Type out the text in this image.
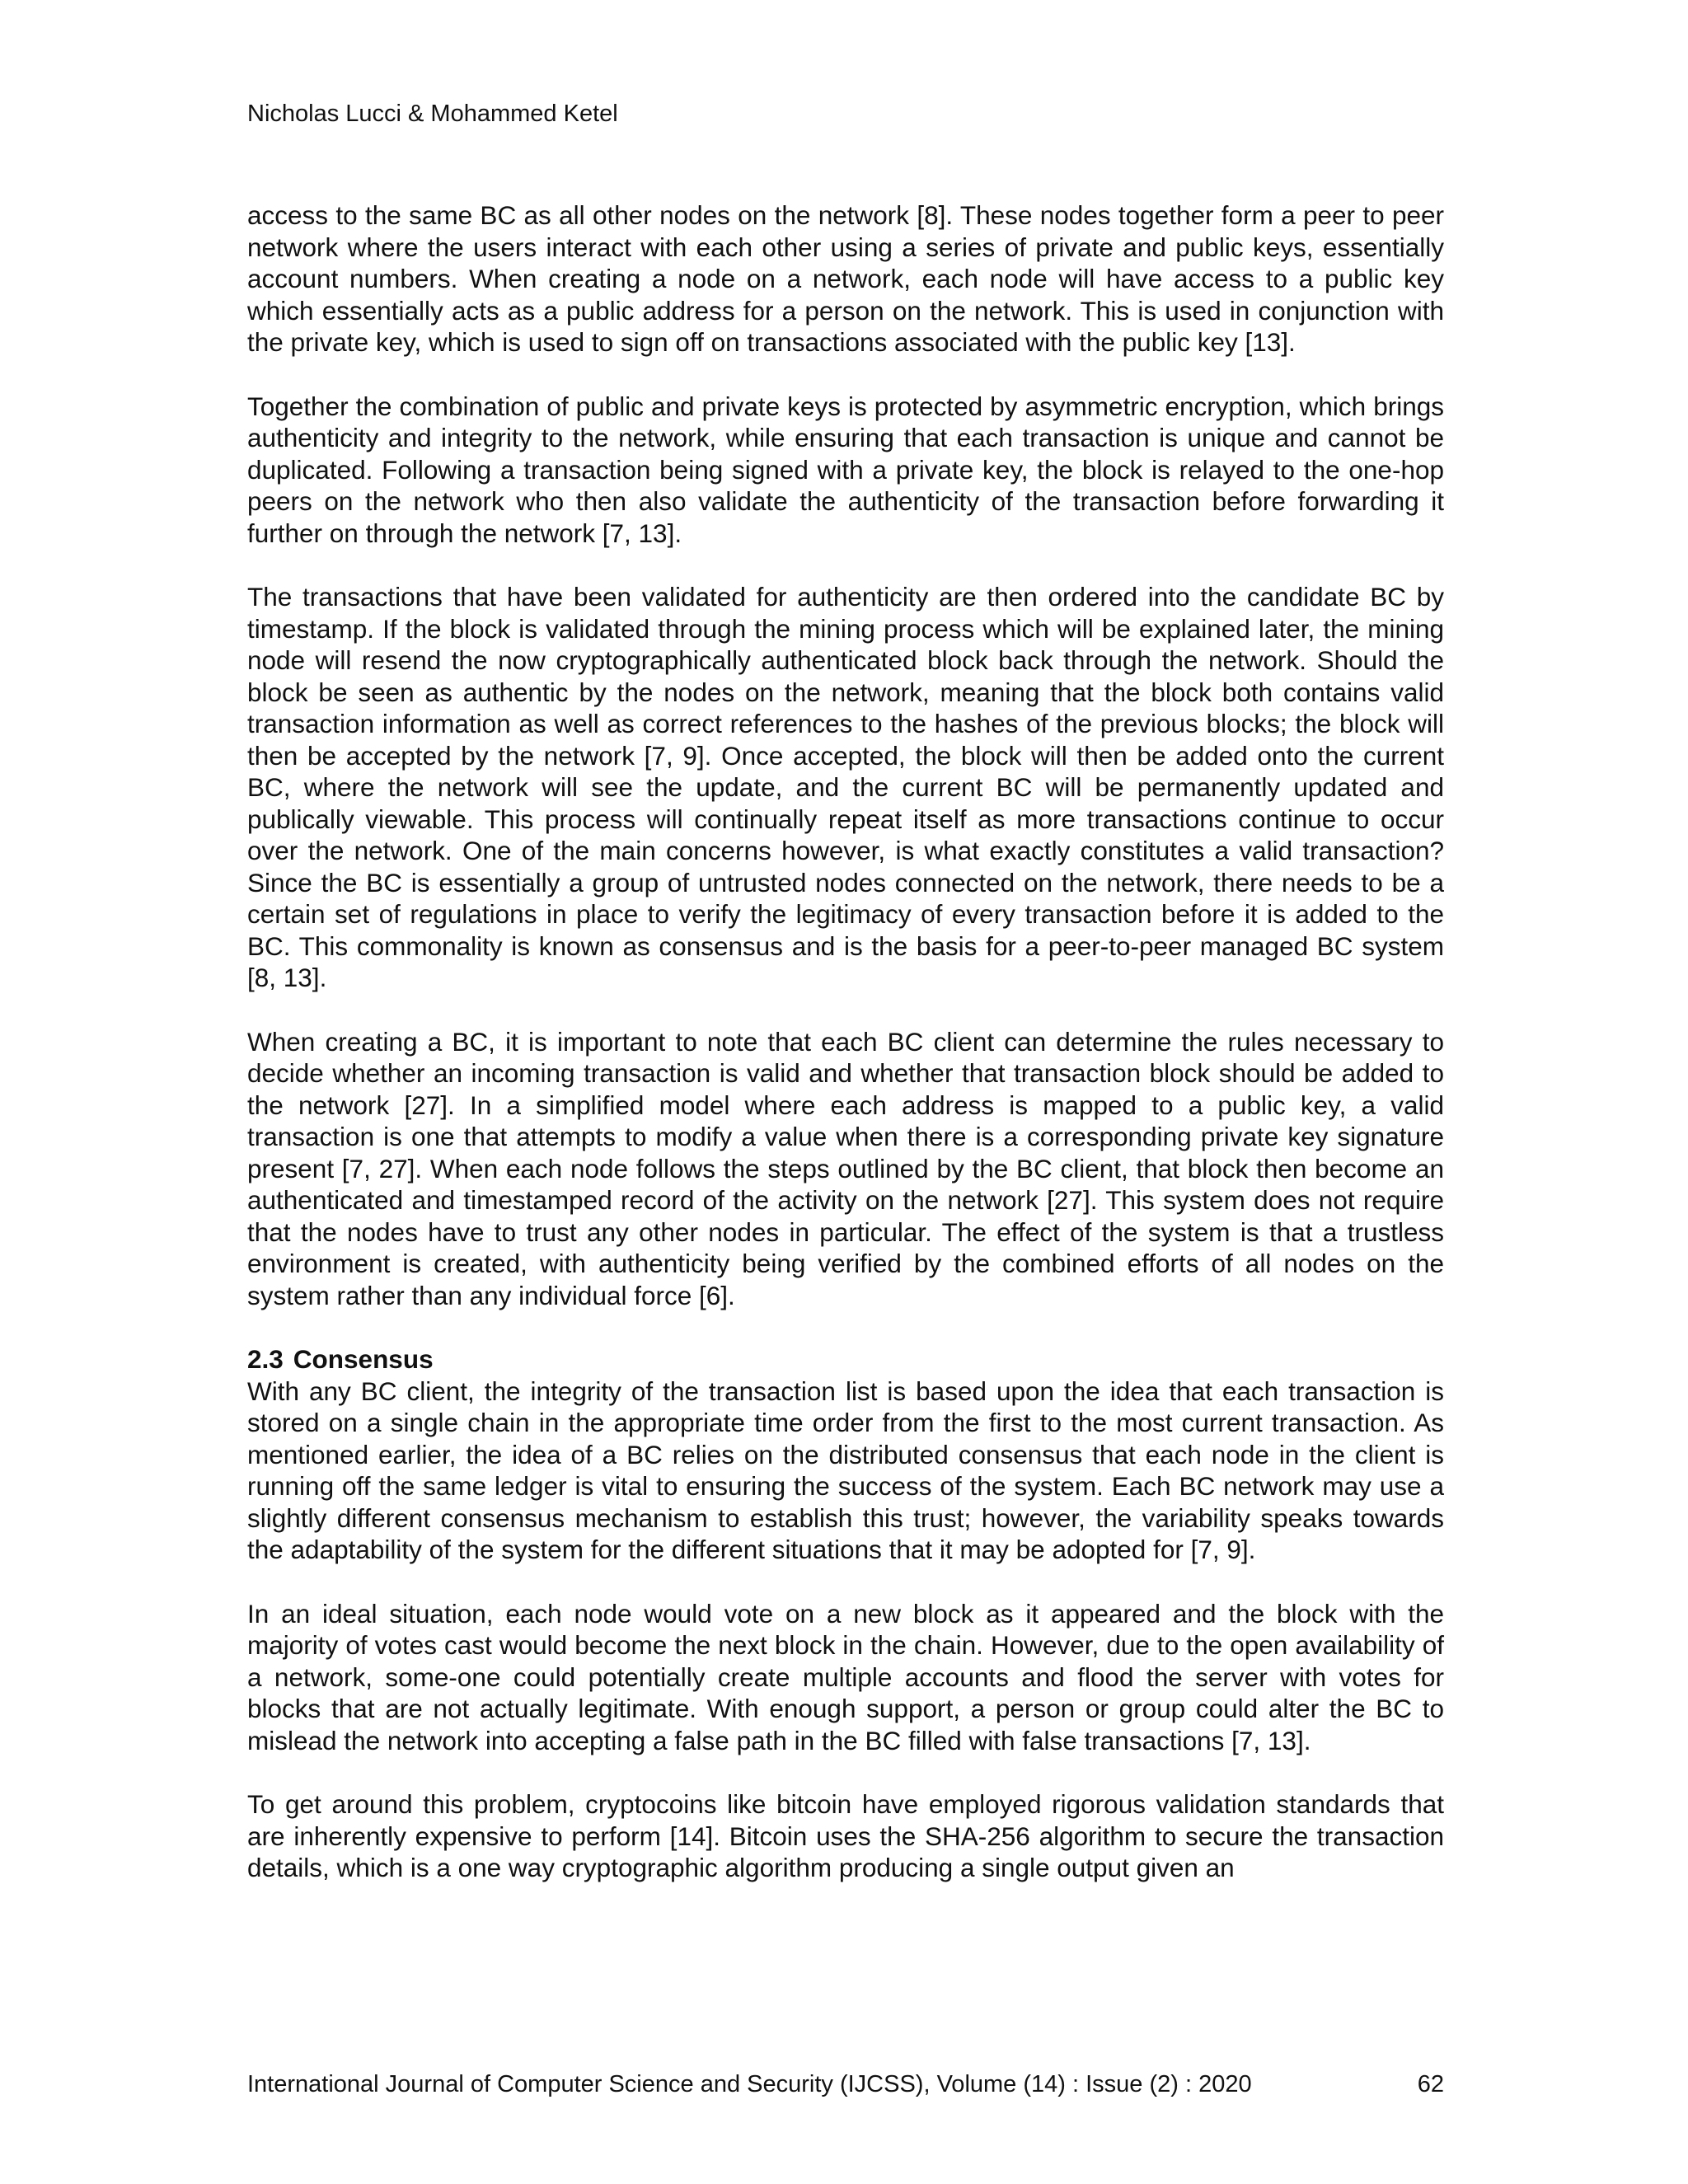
Nicholas Lucci & Mohammed Ketel

access to the same BC as all other nodes on the network [8]. These nodes together form a peer to peer network where the users interact with each other using a series of private and public keys, essentially account numbers. When creating a node on a network, each node will have access to a public key which essentially acts as a public address for a person on the network. This is used in conjunction with the private key, which is used to sign off on transactions associated with the public key [13].

Together the combination of public and private keys is protected by asymmetric encryption, which brings authenticity and integrity to the network, while ensuring that each transaction is unique and cannot be duplicated. Following a transaction being signed with a private key, the block is relayed to the one-hop peers on the network who then also validate the authenticity of the transaction before forwarding it further on through the network [7, 13].

The transactions that have been validated for authenticity are then ordered into the candidate BC by timestamp. If the block is validated through the mining process which will be explained later, the mining node will resend the now cryptographically authenticated block back through the network. Should the block be seen as authentic by the nodes on the network, meaning that the block both contains valid transaction information as well as correct references to the hashes of the previous blocks; the block will then be accepted by the network [7, 9]. Once accepted, the block will then be added onto the current BC, where the network will see the update, and the current BC will be permanently updated and publically viewable. This process will continually repeat itself as more transactions continue to occur over the network. One of the main concerns however, is what exactly constitutes a valid transaction? Since the BC is essentially a group of untrusted nodes connected on the network, there needs to be a certain set of regulations in place to verify the legitimacy of every transaction before it is added to the BC. This commonality is known as consensus and is the basis for a peer-to-peer managed BC system [8, 13].

When creating a BC, it is important to note that each BC client can determine the rules necessary to decide whether an incoming transaction is valid and whether that transaction block should be added to the network [27]. In a simplified model where each address is mapped to a public key, a valid transaction is one that attempts to modify a value when there is a corresponding private key signature present [7, 27]. When each node follows the steps outlined by the BC client, that block then become an authenticated and timestamped record of the activity on the network [27]. This system does not require that the nodes have to trust any other nodes in particular. The effect of the system is that a trustless environment is created, with authenticity being verified by the combined efforts of all nodes on the system rather than any individual force [6].

2.3 Consensus

With any BC client, the integrity of the transaction list is based upon the idea that each transaction is stored on a single chain in the appropriate time order from the first to the most current transaction. As mentioned earlier, the idea of a BC relies on the distributed consensus that each node in the client is running off the same ledger is vital to ensuring the success of the system. Each BC network may use a slightly different consensus mechanism to establish this trust; however, the variability speaks towards the adaptability of the system for the different situations that it may be adopted for [7, 9].

In an ideal situation, each node would vote on a new block as it appeared and the block with the majority of votes cast would become the next block in the chain. However, due to the open availability of a network, some-one could potentially create multiple accounts and flood the server with votes for blocks that are not actually legitimate. With enough support, a person or group could alter the BC to mislead the network into accepting a false path in the BC filled with false transactions [7, 13].

To get around this problem, cryptocoins like bitcoin have employed rigorous validation standards that are inherently expensive to perform [14]. Bitcoin uses the SHA-256 algorithm to secure the transaction details, which is a one way cryptographic algorithm producing a single output given an

International Journal of Computer Science and Security (IJCSS), Volume (14) : Issue (2) : 2020	62
